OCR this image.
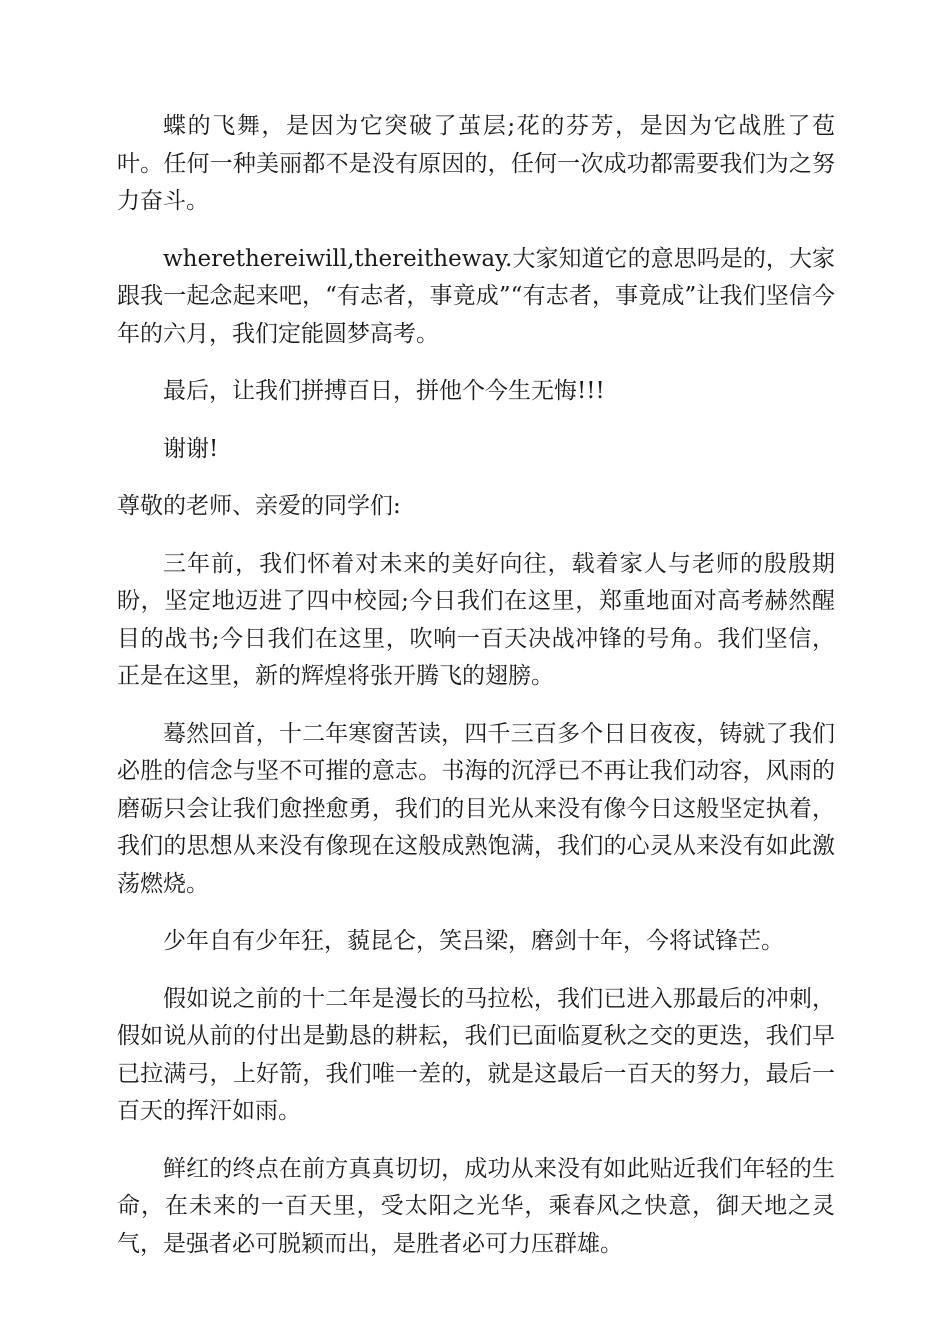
蝶的飞舞，是因为它突破了茧层;花的芬芳，是因为它战胜了苞叶。任何一种美丽都不是没有原因的，任何一次成功都需要我们为之努力奋斗。

wherethereiwill,thereitheway.大家知道它的意思吗是的，大家跟我一起念起来吧，“有志者，事竟成”“有志者，事竟成”让我们坚信今年的六月，我们定能圆梦高考。

最后，让我们拼搏百日，拼他个今生无悔!!!

谢谢!

尊敬的老师、亲爱的同学们:

三年前，我们怀着对未来的美好向往，载着家人与老师的殷殷期盼，坚定地迈进了四中校园;今日我们在这里，郑重地面对高考赫然醒目的战书;今日我们在这里，吹响一百天决战冲锋的号角。我们坚信，正是在这里，新的辉煌将张开腾飞的翅膀。

蓦然回首，十二年寒窗苦读，四千三百多个日日夜夜，铸就了我们必胜的信念与坚不可摧的意志。书海的沉浮已不再让我们动容，风雨的磨砺只会让我们愈挫愈勇，我们的目光从来没有像今日这般坚定执着，我们的思想从来没有像现在这般成熟饱满，我们的心灵从来没有如此激荡燃烧。

少年自有少年狂，藐昆仑，笑吕梁，磨剑十年，今将试锋芒。

假如说之前的十二年是漫长的马拉松，我们已进入那最后的冲刺，假如说从前的付出是勤恳的耕耘，我们已面临夏秋之交的更迭，我们早已拉满弓，上好箭，我们唯一差的，就是这最后一百天的努力，最后一百天的挥汗如雨。

鲜红的终点在前方真真切切，成功从来没有如此贴近我们年轻的生命，在未来的一百天里，受太阳之光华，乘春风之快意，御天地之灵气，是强者必可脱颖而出，是胜者必可力压群雄。
